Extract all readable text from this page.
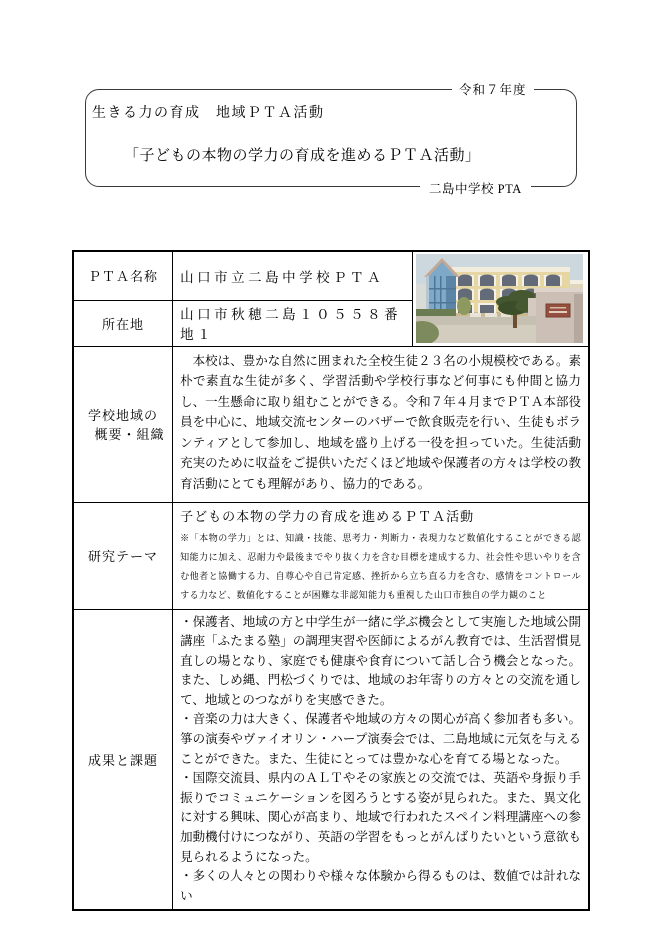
令和７年度
生きる力の育成　地域ＰＴＡ活動
「子どもの本物の学力の育成を進めるＰＴＡ活動」
二島中学校 PTA
ＰＴＡ名称	山口市立二島中学校ＰＴＡ	

所在地	山口市秋穂二島１０５５８番地１	

学校地域の
概要・組織	　本校は、豊かな自然に囲まれた全校生徒２３名の小規模校である。素朴で素直な生徒が多く、学習活動や学校行事など何事にも仲間と協力し、一生懸命に取り組むことができる。令和７年４月までＰＴＡ本部役員を中心に、地域交流センターのバザーで飲食販売を行い、生徒もボランティアとして参加し、地域を盛り上げる一役を担っていた。生徒活動充実のために収益をご提供いただくほど地域や保護者の方々は学校の教育活動にとても理解があり、協力的である。	
研究テーマ	子どもの本物の学力の育成を進めるＰＴＡ活動
※「本物の学力」とは、知識・技能、思考力・判断力・表現力など数値化することができる認知能力に加え、忍耐力や最後までやり抜く力を含む目標を達成する力、社会性や思いやりを含む他者と協働する力、自尊心や自己肯定感、挫折から立ち直る力を含む、感情をコントロールする力など、数値化することが困難な非認知能力も重視した山口市独自の学力観のこと	

成果と課題	・保護者、地域の方と中学生が一緒に学ぶ機会として実施した地域公開講座「ふたまる塾」の調理実習や医師によるがん教育では、生活習慣見直しの場となり、家庭でも健康や食育について話し合う機会となった。また、しめ縄、門松づくりでは、地域のお年寄りの方々との交流を通して、地域とのつながりを実感できた。
・音楽の力は大きく、保護者や地域の方々の関心が高く参加者も多い。箏の演奏やヴァイオリン・ハープ演奏会では、二島地域に元気を与えることができた。また、生徒にとっては豊かな心を育てる場となった。
・国際交流員、県内のＡＬＴやその家族との交流では、英語や身振り手振りでコミュニケーションを図ろうとする姿が見られた。また、異文化に対する興味、関心が高まり、地域で行われたスペイン料理講座への参加動機付けにつながり、英語の学習をもっとがんばりたいという意欲も見られるようになった。
・多くの人々との関わりや様々な体験から得るものは、数値では計れない	
